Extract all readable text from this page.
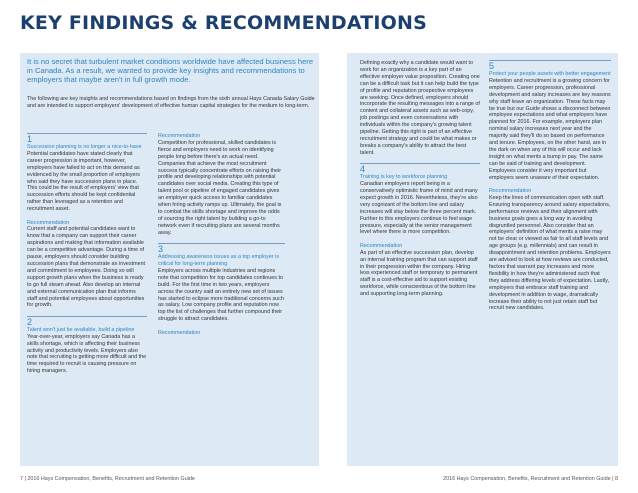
KEY FINDINGS & RECOMMENDATIONS
It is no secret that turbulent market conditions worldwide have affected business here in Canada. As a result, we wanted to provide key insights and recommendations to employers that maybe aren't in full growth mode.
The following are key insights and recommendations based on findings from the sixth annual Hays Canada Salary Guide and are intended to support employers' development of effective human capital strategies for the medium to long-term.

1
Succession planning is no longer a nice-to-have
Potential candidates have stated clearly that career progression is important, however, employers have failed to act on this demand as evidenced by the small proportion of employers who said they have succession plans in place. This could be the result of employers' view that succession efforts should be kept confidential rather than leveraged as a retention and recruitment asset.

Recommendation
Current staff and potential candidates want to know that a company can support their career aspirations and making that information available can be a competitive advantage. During a time of pause, employers should consider building succession plans that demonstrate an investment and commitment to employees. Doing so will support growth plans when the business is ready to go full steam ahead. Also develop an internal and external communication plan that informs staff and potential employees about opportunities for growth.

2
Talent won't just be available, build a pipeline
Year-over-year, employers say Canada has a skills shortage, which is affecting their business activity and productivity levels. Employers also note that recruiting is getting more difficult and the time required to recruit is causing pressure on hiring managers.

Recommendation
Competition for professional, skilled candidates is fierce and employers need to work on identifying people long before there's an actual need. Companies that achieve the most recruitment success typically concentrate efforts on raising their profile and developing relationships with potential candidates over social media. Creating this type of talent pool or pipeline of engaged candidates gives an employer quick access to familiar candidates when hiring activity ramps up. Ultimately, the goal is to combat the skills shortage and improve the odds of sourcing the right talent by building a go-to network even if recruiting plans are several months away.

3
Addressing awareness issues as a top employer is critical for long-term planning
Employers across multiple industries and regions note that competition for top candidates continues to build. For the first time in two years, employers across the country said an entirely new set of issues has started to eclipse more traditional concerns such as salary. Low company profile and reputation now top the list of challenges that further compound their struggle to attract candidates.

Recommendation

Defining exactly why a candidate would want to work for an organization is a key part of an effective employer value proposition. Creating one can be a difficult task but it can help build the type of profile and reputation prospective employees are seeking. Once defined, employers should incorporate the resulting messages into a range of content and collateral assets such as web-copy, job postings and even conversations with individuals within the company's growing talent pipeline. Getting this right is part of an effective recruitment strategy and could be what makes or breaks a company's ability to attract the best talent.

4
Training is key to workforce planning
Canadian employers report being in a conservatively optimistic frame of mind and many expect growth in 2016. Nevertheless, they're also very cognizant of the bottom line and salary increases will stay below the three percent mark. Further to this employers continue to feel wage pressure, especially at the senior management level where there is more competition.

Recommendation
As part of an effective succession plan, develop an internal training program that can support staff in their progression within the company. Hiring less experienced staff or temporary to permanent staff is a cost-effective aid to support existing workforce, while conscientious of the bottom line and supporting long-term planning.

5
Protect your people assets with better engagement
Retention and recruitment is a growing concern for employers. Career progression, professional development and salary increases are key reasons why staff leave an organization. These facts may be true but our Guide shows a disconnect between employee expectations and what employers have planned for 2016. For example, employers plan nominal salary increases next year and the majority said they'll do so based on performance and tenure. Employees, on the other hand, are in the dark on when any of this will occur and lack insight on what merits a bump in pay. The same can be said of training and development. Employees consider it very important but employers seem unaware of their expectation.

Recommendation
Keep the lines of communication open with staff. Ensuring transparency around salary expectations, performance reviews and their alignment with business goals goes a long way in avoiding disgruntled personnel. Also consider that an employers' definition of what merits a raise may not be clear or viewed as fair to all staff levels and age groups (e.g. millennials) and can result in disappointment and retention problems. Employers are advised to look at how reviews are conducted, factors that warrant pay increases and more flexibility in how they're administered such that they address differing levels of expectation. Lastly, employers that embrace staff training and development in addition to wage, dramatically increase their ability to not just retain staff but recruit new candidates.

7 | 2016 Hays Compensation, Benefits, Recruitment and Retention Guide	2016 Hays Compensation, Benefits, Recruitment and Retention Guide | 8
